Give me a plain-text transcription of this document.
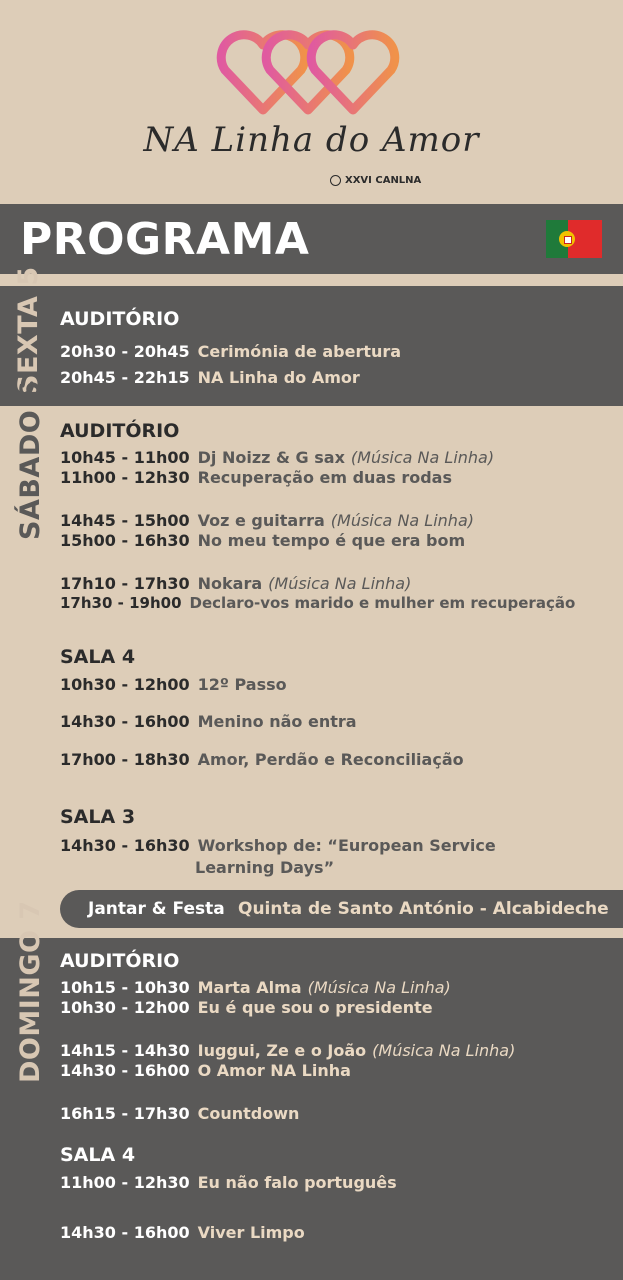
NA Linha do Amor
XXVI CANLNA
PROGRAMA
SEXTA 5 AUDITÓRIO
20h30 - 20h45 Cerimónia de abertura
20h45 - 22h15 NA Linha do Amor
SÁBADO 6 AUDITÓRIO
10h45 - 11h00 Dj Noizz & G sax (Música Na Linha)
11h00 - 12h30 Recuperação em duas rodas
14h45 - 15h00 Voz e guitarra (Música Na Linha)
15h00 - 16h30 No meu tempo é que era bom
17h10 - 17h30 Nokara (Música Na Linha)
17h30 - 19h00 Declaro-vos marido e mulher em recuperação
SALA 4
10h30 - 12h00 12º Passo
14h30 - 16h00 Menino não entra
17h00 - 18h30 Amor, Perdão e Reconciliação
SALA 3
14h30 - 16h30 Workshop de: “European Service
Learning Days”
Jantar & Festa Quinta de Santo António - Alcabideche
DOMINGO 7 AUDITÓRIO
10h15 - 10h30 Marta Alma (Música Na Linha)
10h30 - 12h00 Eu é que sou o presidente
14h15 - 14h30 Iuggui, Ze e o João (Música Na Linha)
14h30 - 16h00 O Amor NA Linha
16h15 - 17h30 Countdown
SALA 4
11h00 - 12h30 Eu não falo português
14h30 - 16h00 Viver Limpo
